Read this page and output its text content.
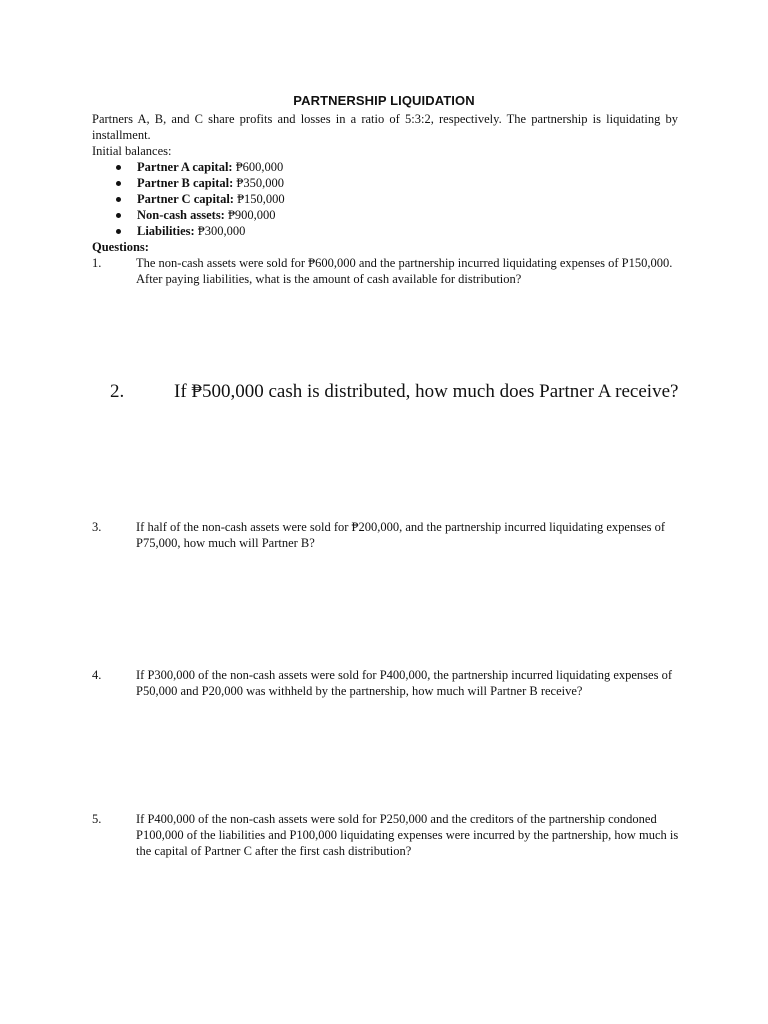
PARTNERSHIP LIQUIDATION
Partners A, B, and C share profits and losses in a ratio of 5:3:2, respectively. The partnership is liquidating by installment.
Initial balances:
Partner A capital: ₱600,000
Partner B capital: ₱350,000
Partner C capital: ₱150,000
Non-cash assets: ₱900,000
Liabilities: ₱300,000
Questions:
1.	The non-cash assets were sold for ₱600,000 and the partnership incurred liquidating expenses of P150,000. After paying liabilities, what is the amount of cash available for distribution?
2.	If ₱500,000 cash is distributed, how much does Partner A receive?
3.	If half of the non-cash assets were sold for ₱200,000, and the partnership incurred liquidating expenses of P75,000, how much will Partner B?
4.	If P300,000 of the non-cash assets were sold for P400,000, the partnership incurred liquidating expenses of P50,000 and P20,000 was withheld by the partnership, how much will Partner B receive?
5.	If P400,000 of the non-cash assets were sold for P250,000 and the creditors of the partnership condoned P100,000 of the liabilities and P100,000 liquidating expenses were incurred by the partnership, how much is the capital of Partner C after the first cash distribution?
